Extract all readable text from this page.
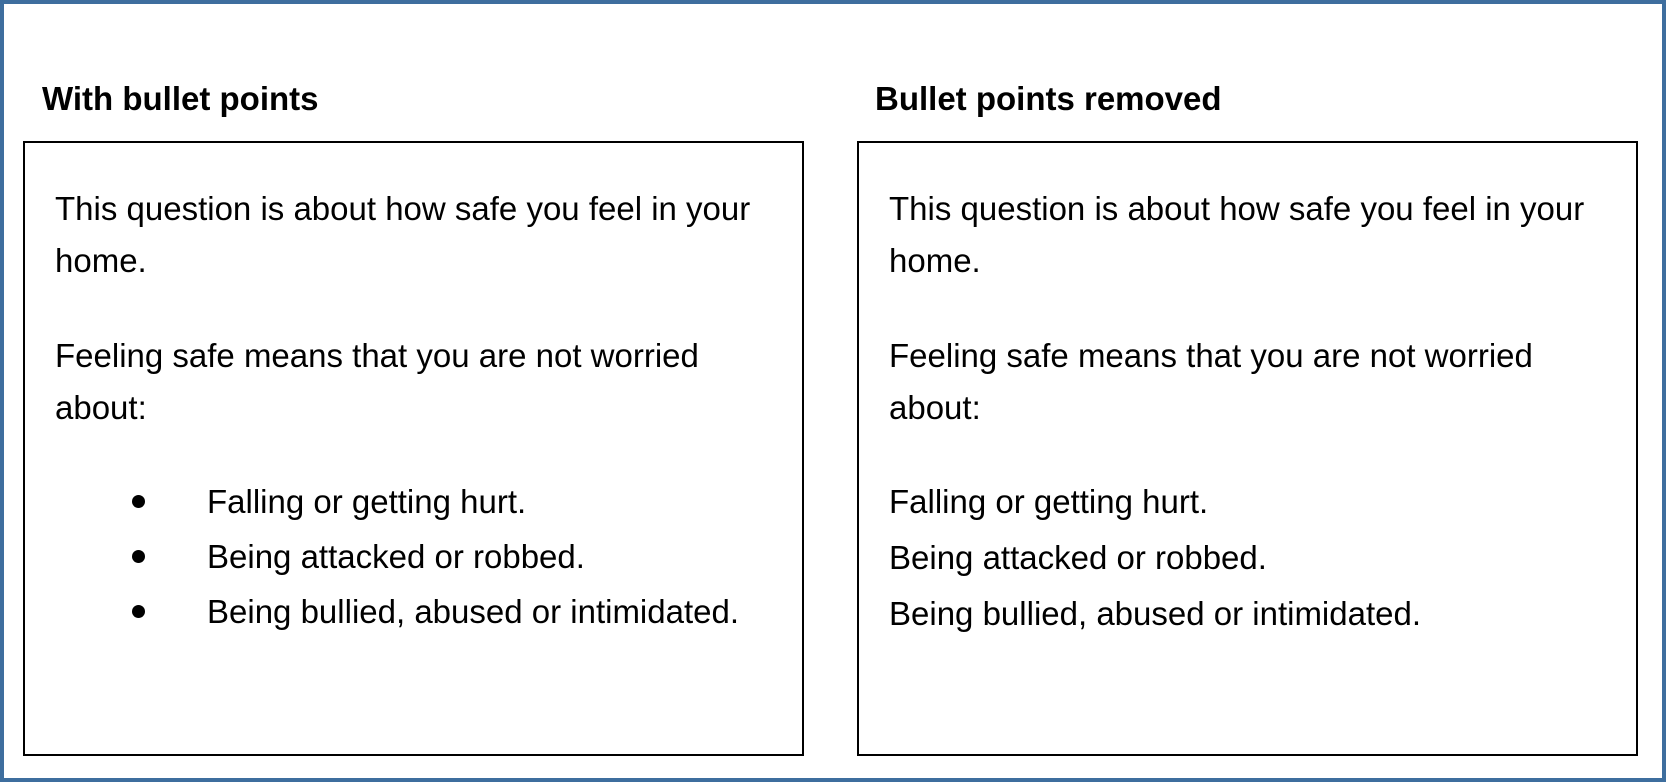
With bullet points

This question is about how safe you feel in your home.

Feeling safe means that you are not worried about:

Falling or getting hurt.
Being attacked or robbed.
Being bullied, abused or intimidated.
Bullet points removed

This question is about how safe you feel in your home.

Feeling safe means that you are not worried about:

Falling or getting hurt.
Being attacked or robbed.
Being bullied, abused or intimidated.
